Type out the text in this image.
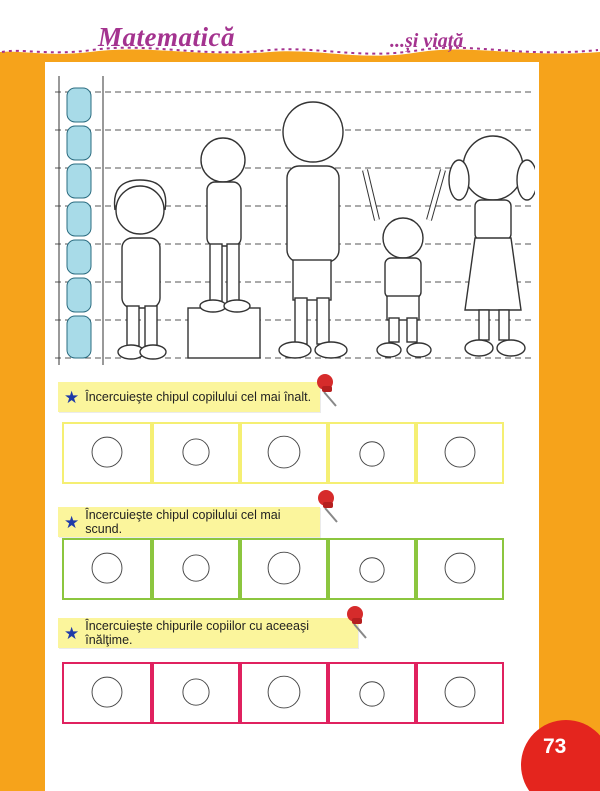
Matematică	...și viață
★ Încercuieşte chipul copilului cel mai înalt.
★ Încercuieşte chipul copilului cel mai scund.
★ Încercuieşte chipurile copiilor cu aceeaşi înălţime.
73
